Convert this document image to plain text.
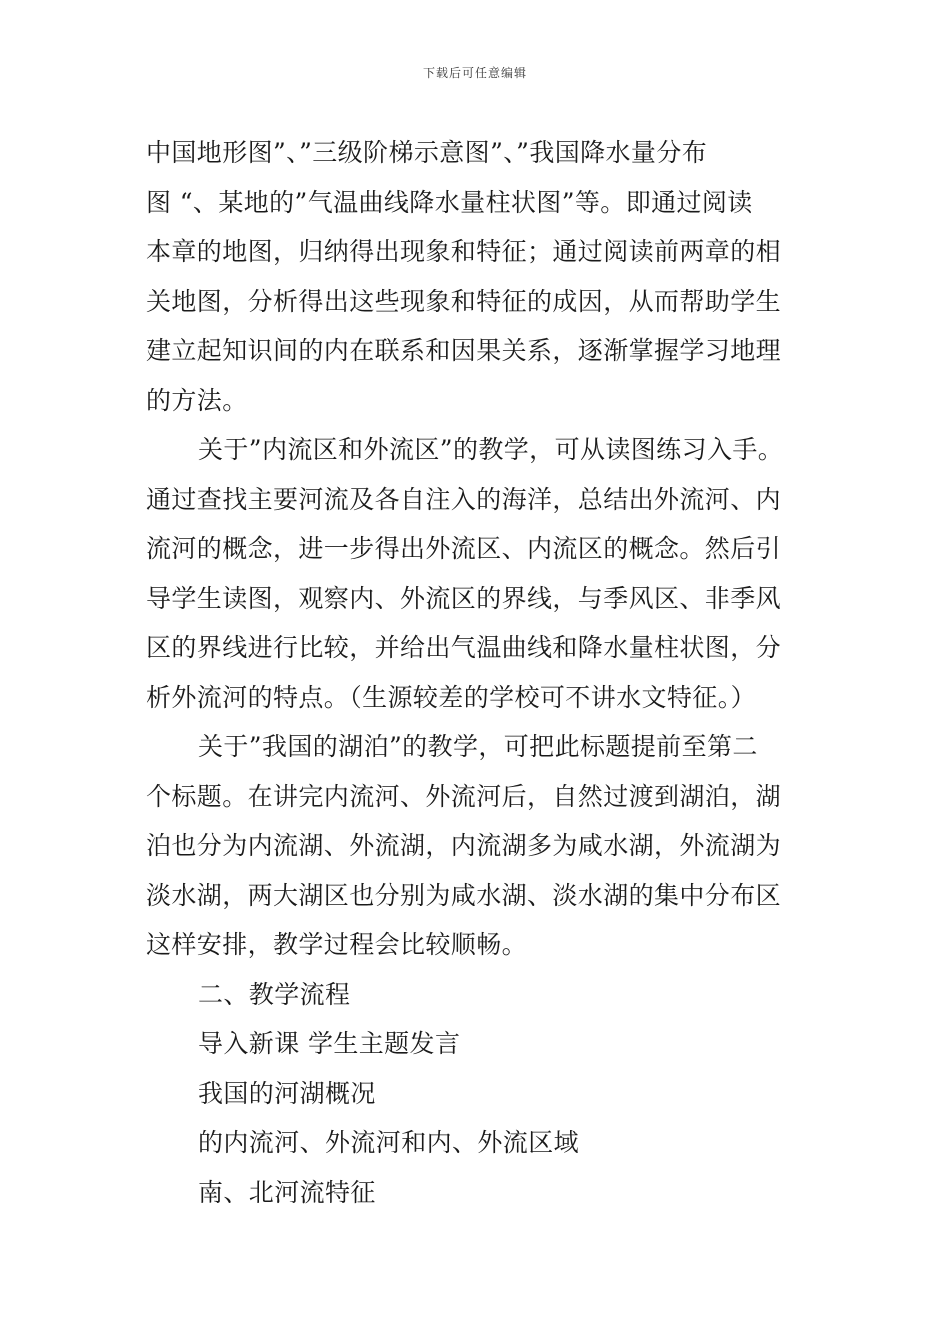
下载后可任意编辑
中国地形图”、”三级阶梯示意图”、”我国降水量分布
图 “、某地的”气温曲线降水量柱状图”等。即通过阅读
本章的地图，归纳得出现象和特征；通过阅读前两章的相
关地图，分析得出这些现象和特征的成因，从而帮助学生
建立起知识间的内在联系和因果关系，逐渐掌握学习地理
的方法。
关于”内流区和外流区”的教学，可从读图练习入手。
通过查找主要河流及各自注入的海洋，总结出外流河、内
流河的概念，进一步得出外流区、内流区的概念。然后引
导学生读图，观察内、外流区的界线，与季风区、非季风
区的界线进行比较，并给出气温曲线和降水量柱状图，分
析外流河的特点。（生源较差的学校可不讲水文特征。）
关于”我国的湖泊”的教学，可把此标题提前至第二
个标题。在讲完内流河、外流河后，自然过渡到湖泊，湖
泊也分为内流湖、外流湖，内流湖多为咸水湖，外流湖为
淡水湖，两大湖区也分别为咸水湖、淡水湖的集中分布区
这样安排，教学过程会比较顺畅。
二、教学流程
导入新课 学生主题发言
我国的河湖概况
的内流河、外流河和内、外流区域
南、北河流特征
